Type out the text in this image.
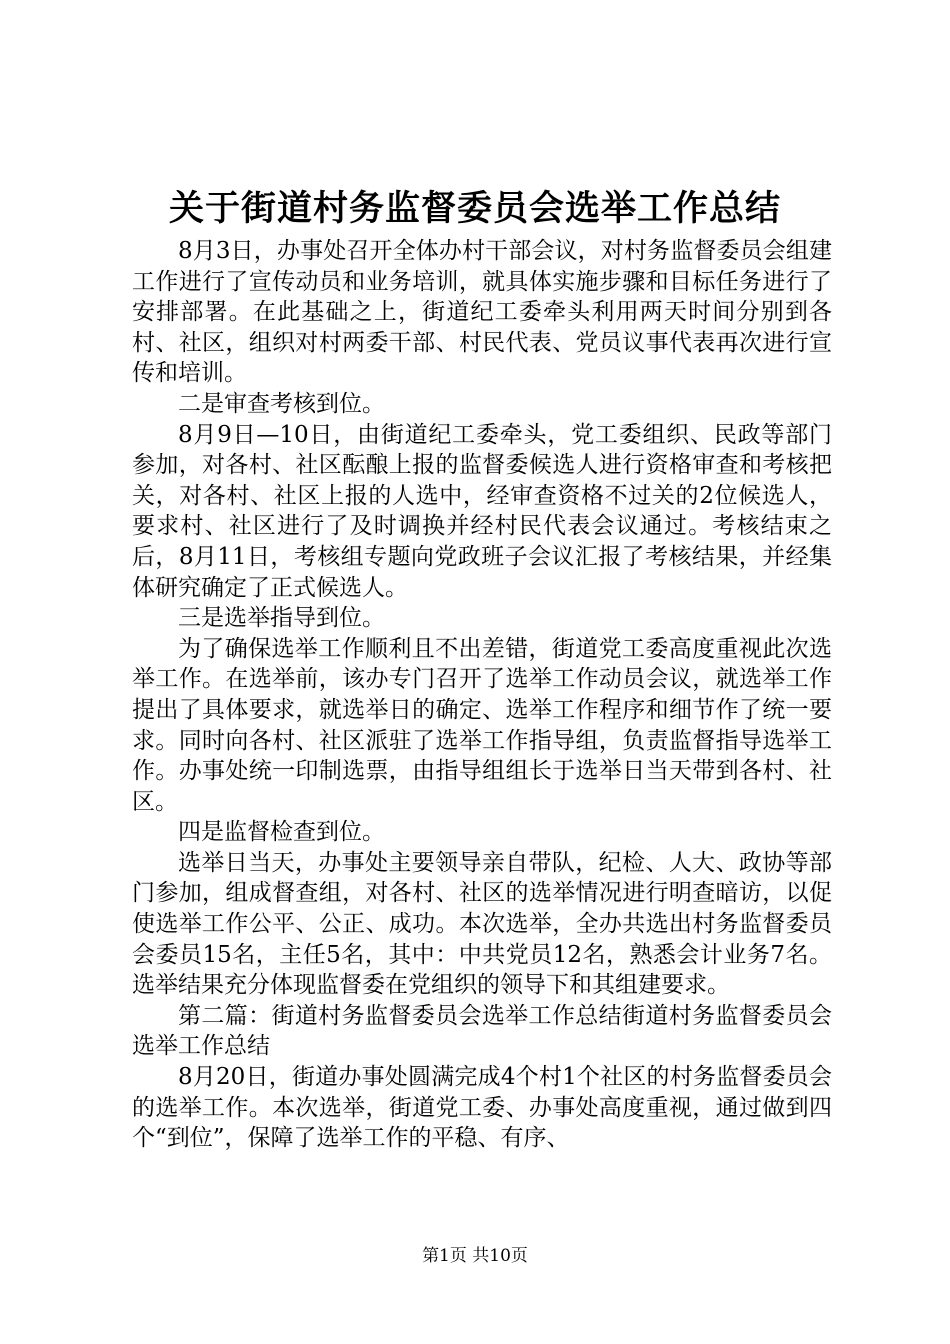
关于街道村务监督委员会选举工作总结

8月3日，办事处召开全体办村干部会议，对村务监督委员会组建工作进行了宣传动员和业务培训，就具体实施步骤和目标任务进行了安排部署。在此基础之上，街道纪工委牵头利用两天时间分别到各村、社区，组织对村两委干部、村民代表、党员议事代表再次进行宣传和培训。

二是审查考核到位。

8月9日—10日，由街道纪工委牵头，党工委组织、民政等部门参加，对各村、社区酝酿上报的监督委候选人进行资格审查和考核把关，对各村、社区上报的人选中，经审查资格不过关的2位候选人，要求村、社区进行了及时调换并经村民代表会议通过。考核结束之后，8月11日，考核组专题向党政班子会议汇报了考核结果，并经集体研究确定了正式候选人。

三是选举指导到位。

为了确保选举工作顺利且不出差错，街道党工委高度重视此次选举工作。在选举前，该办专门召开了选举工作动员会议，就选举工作提出了具体要求，就选举日的确定、选举工作程序和细节作了统一要求。同时向各村、社区派驻了选举工作指导组，负责监督指导选举工作。办事处统一印制选票，由指导组组长于选举日当天带到各村、社区。

四是监督检查到位。

选举日当天，办事处主要领导亲自带队，纪检、人大、政协等部门参加，组成督查组，对各村、社区的选举情况进行明查暗访，以促使选举工作公平、公正、成功。本次选举，全办共选出村务监督委员会委员15名，主任5名，其中：中共党员12名，熟悉会计业务7名。选举结果充分体现监督委在党组织的领导下和其组建要求。

第二篇：街道村务监督委员会选举工作总结街道村务监督委员会选举工作总结

8月20日，街道办事处圆满完成4个村1个社区的村务监督委员会的选举工作。本次选举，街道党工委、办事处高度重视，通过做到四个“到位”，保障了选举工作的平稳、有序、

第1页 共10页
